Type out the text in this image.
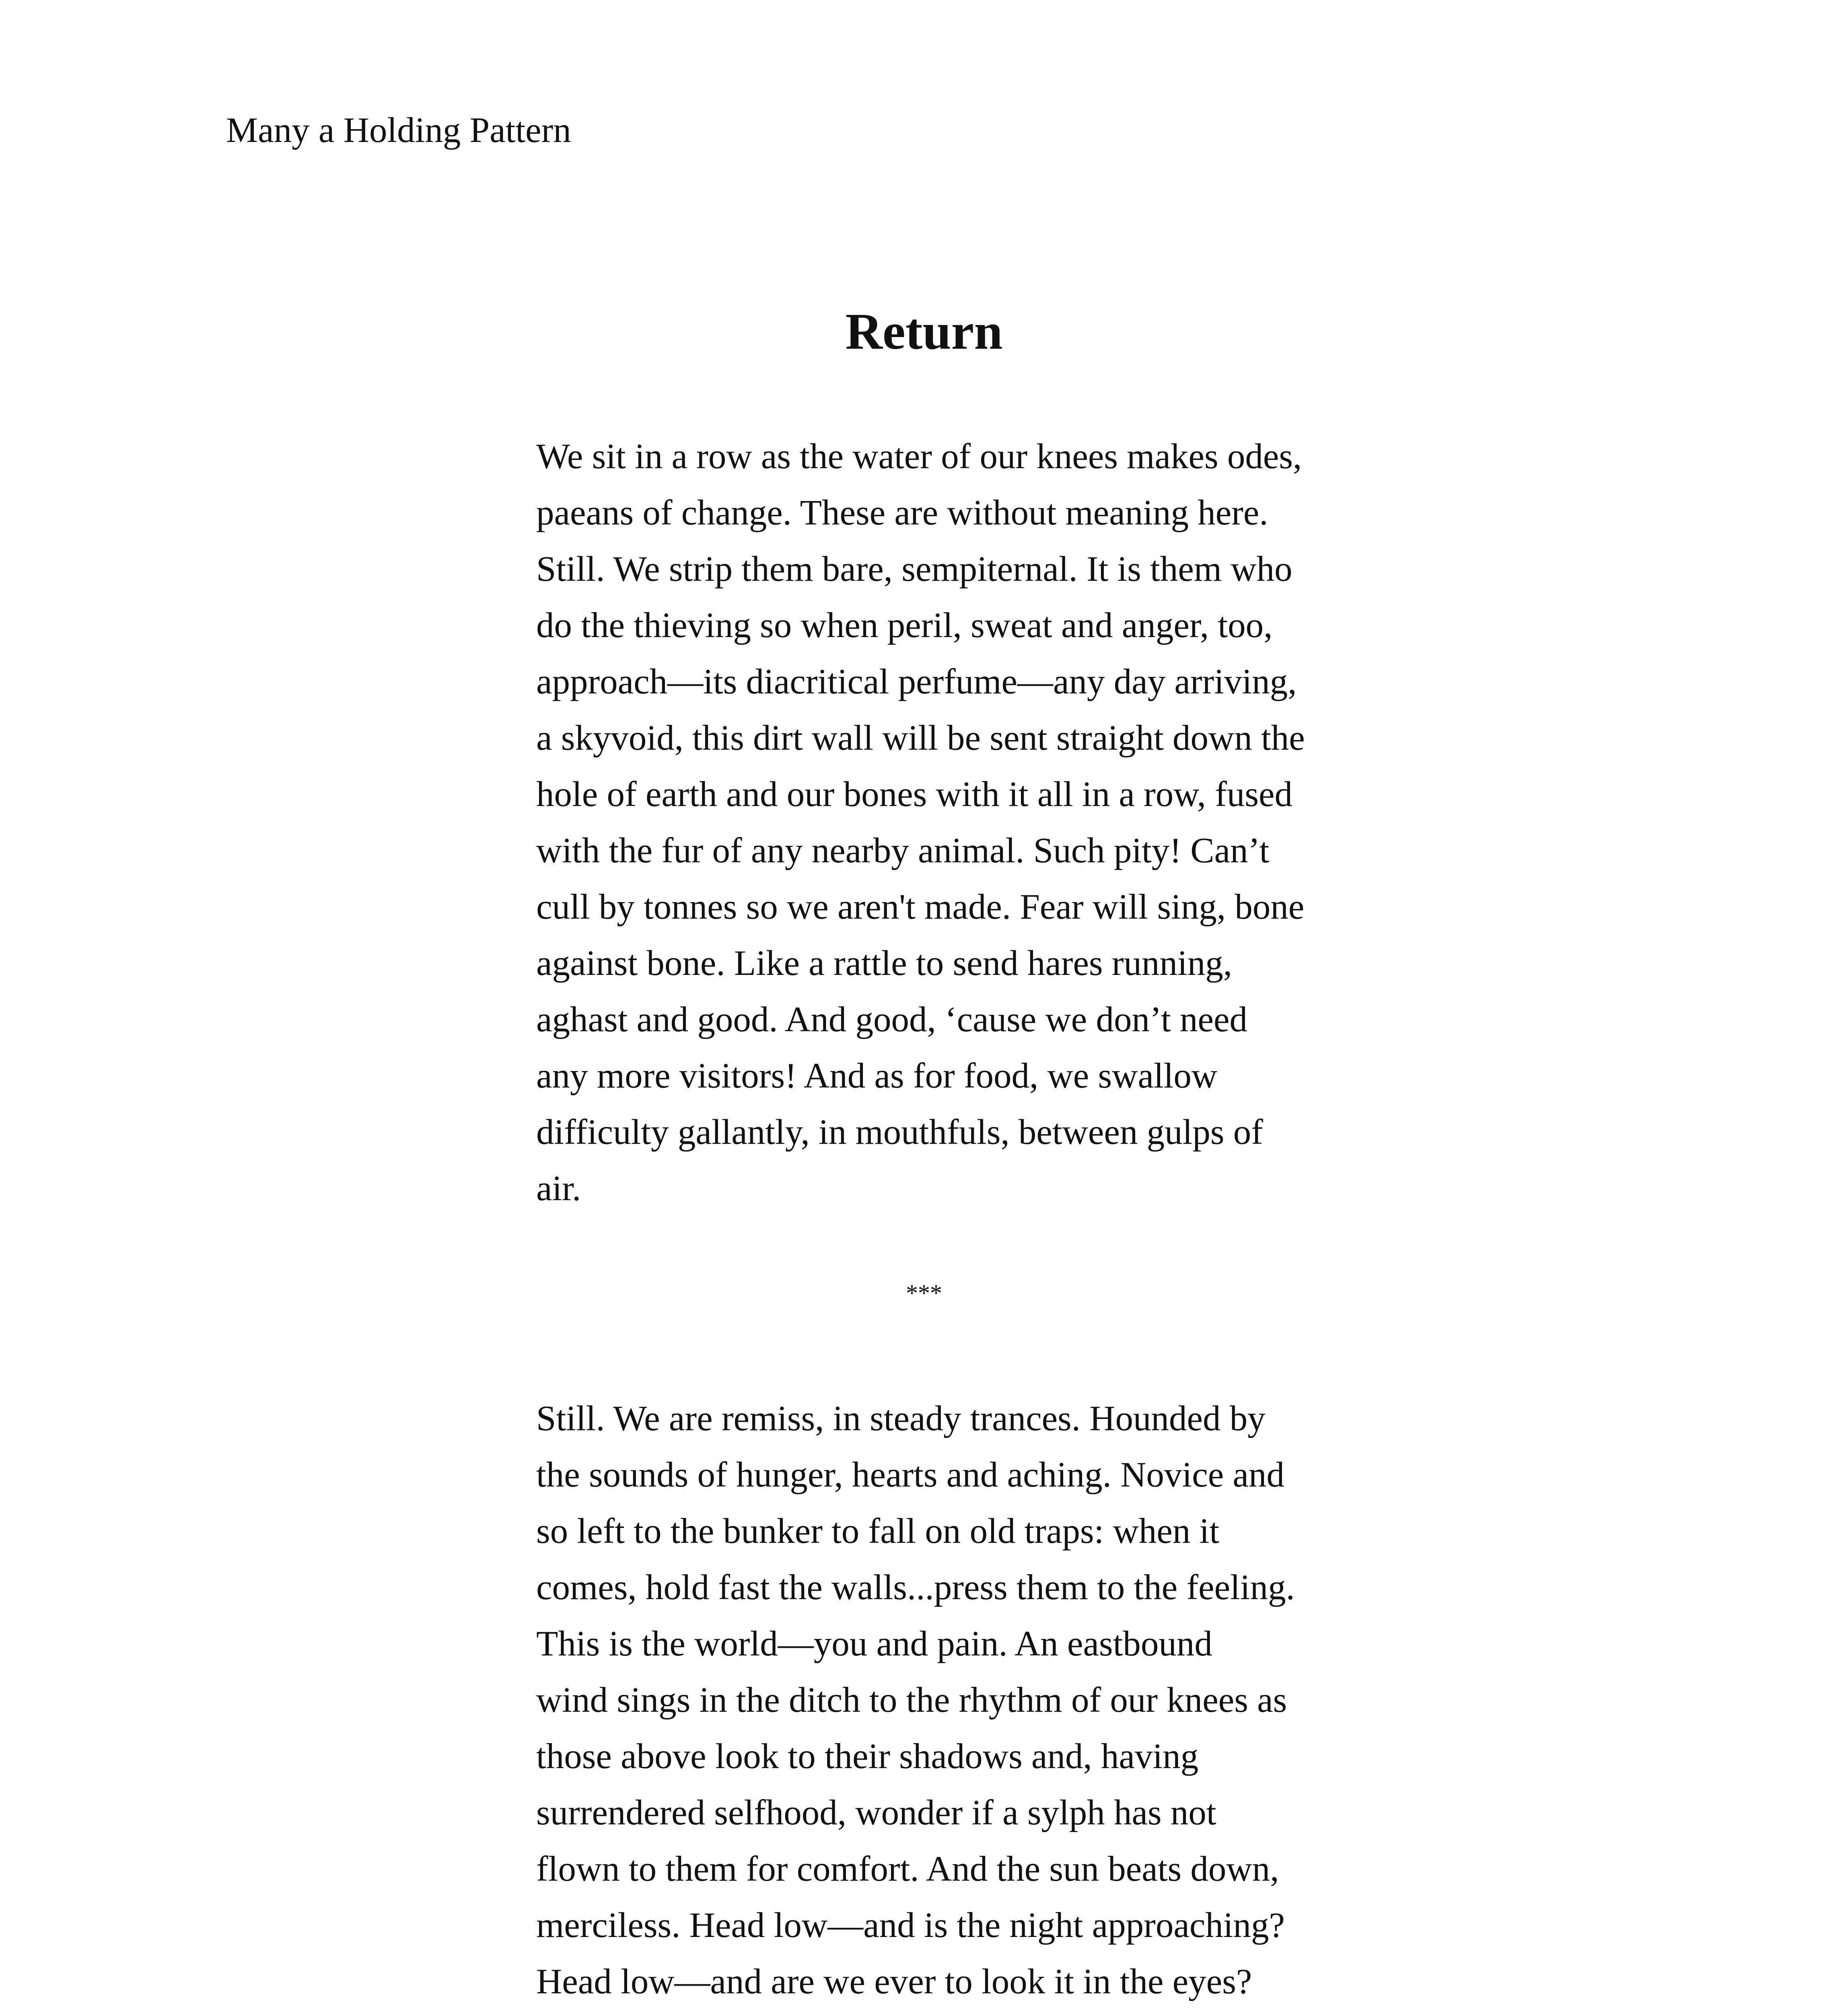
Many a Holding Pattern
Return
We sit in a row as the water of our knees makes odes,
paeans of change. These are without meaning here.
Still. We strip them bare, sempiternal. It is them who
do the thieving so when peril, sweat and anger, too,
approach—its diacritical perfume—any day arriving,
a skyvoid, this dirt wall will be sent straight down the
hole of earth and our bones with it all in a row, fused
with the fur of any nearby animal. Such pity! Can’t
cull by tonnes so we aren't made. Fear will sing, bone
against bone. Like a rattle to send hares running,
aghast and good. And good, ‘cause we don’t need
any more visitors! And as for food, we swallow
difficulty gallantly, in mouthfuls, between gulps of
air.
***
Still. We are remiss, in steady trances. Hounded by
the sounds of hunger, hearts and aching. Novice and
so left to the bunker to fall on old traps: when it
comes, hold fast the walls...press them to the feeling.
This is the world—you and pain. An eastbound
wind sings in the ditch to the rhythm of our knees as
those above look to their shadows and, having
surrendered selfhood, wonder if a sylph has not
flown to them for comfort. And the sun beats down,
merciless. Head low—and is the night approaching?
Head low—and are we ever to look it in the eyes?
